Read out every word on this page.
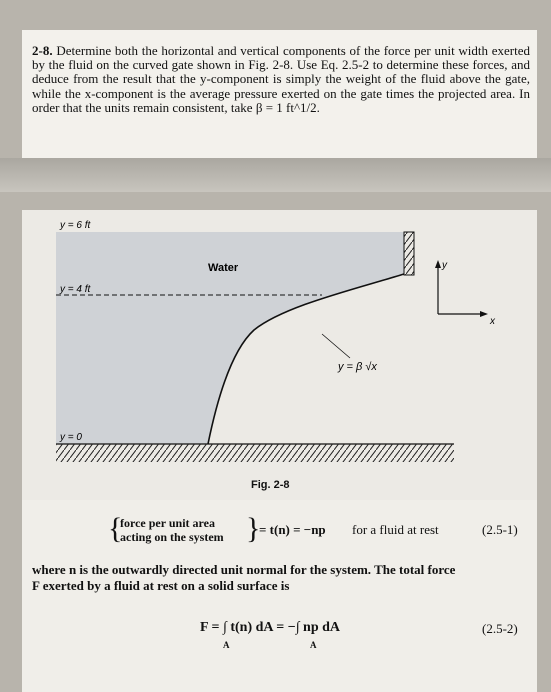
2-8. Determine both the horizontal and vertical components of the force per unit width exerted by the fluid on the curved gate shown in Fig. 2-8. Use Eq. 2.5-2 to determine these forces, and deduce from the result that the y-component is simply the weight of the fluid above the gate, while the x-component is the average pressure exerted on the gate times the projected area. In order that the units remain consistent, take β = 1 ft^1/2.
y
x
y = 6 ft
y = 4 ft
y = 0
Water
y = β √x
Fig. 2-8
{
force per unit area
acting on the system }
= t(n) = −np for a fluid at rest	(2.5-1)
where n is the outwardly directed unit normal for the system. The total force
F exerted by a fluid at rest on a solid surface is
F = ∫ t(n) dA = −∫ np dA
A	A
(2.5-2)
